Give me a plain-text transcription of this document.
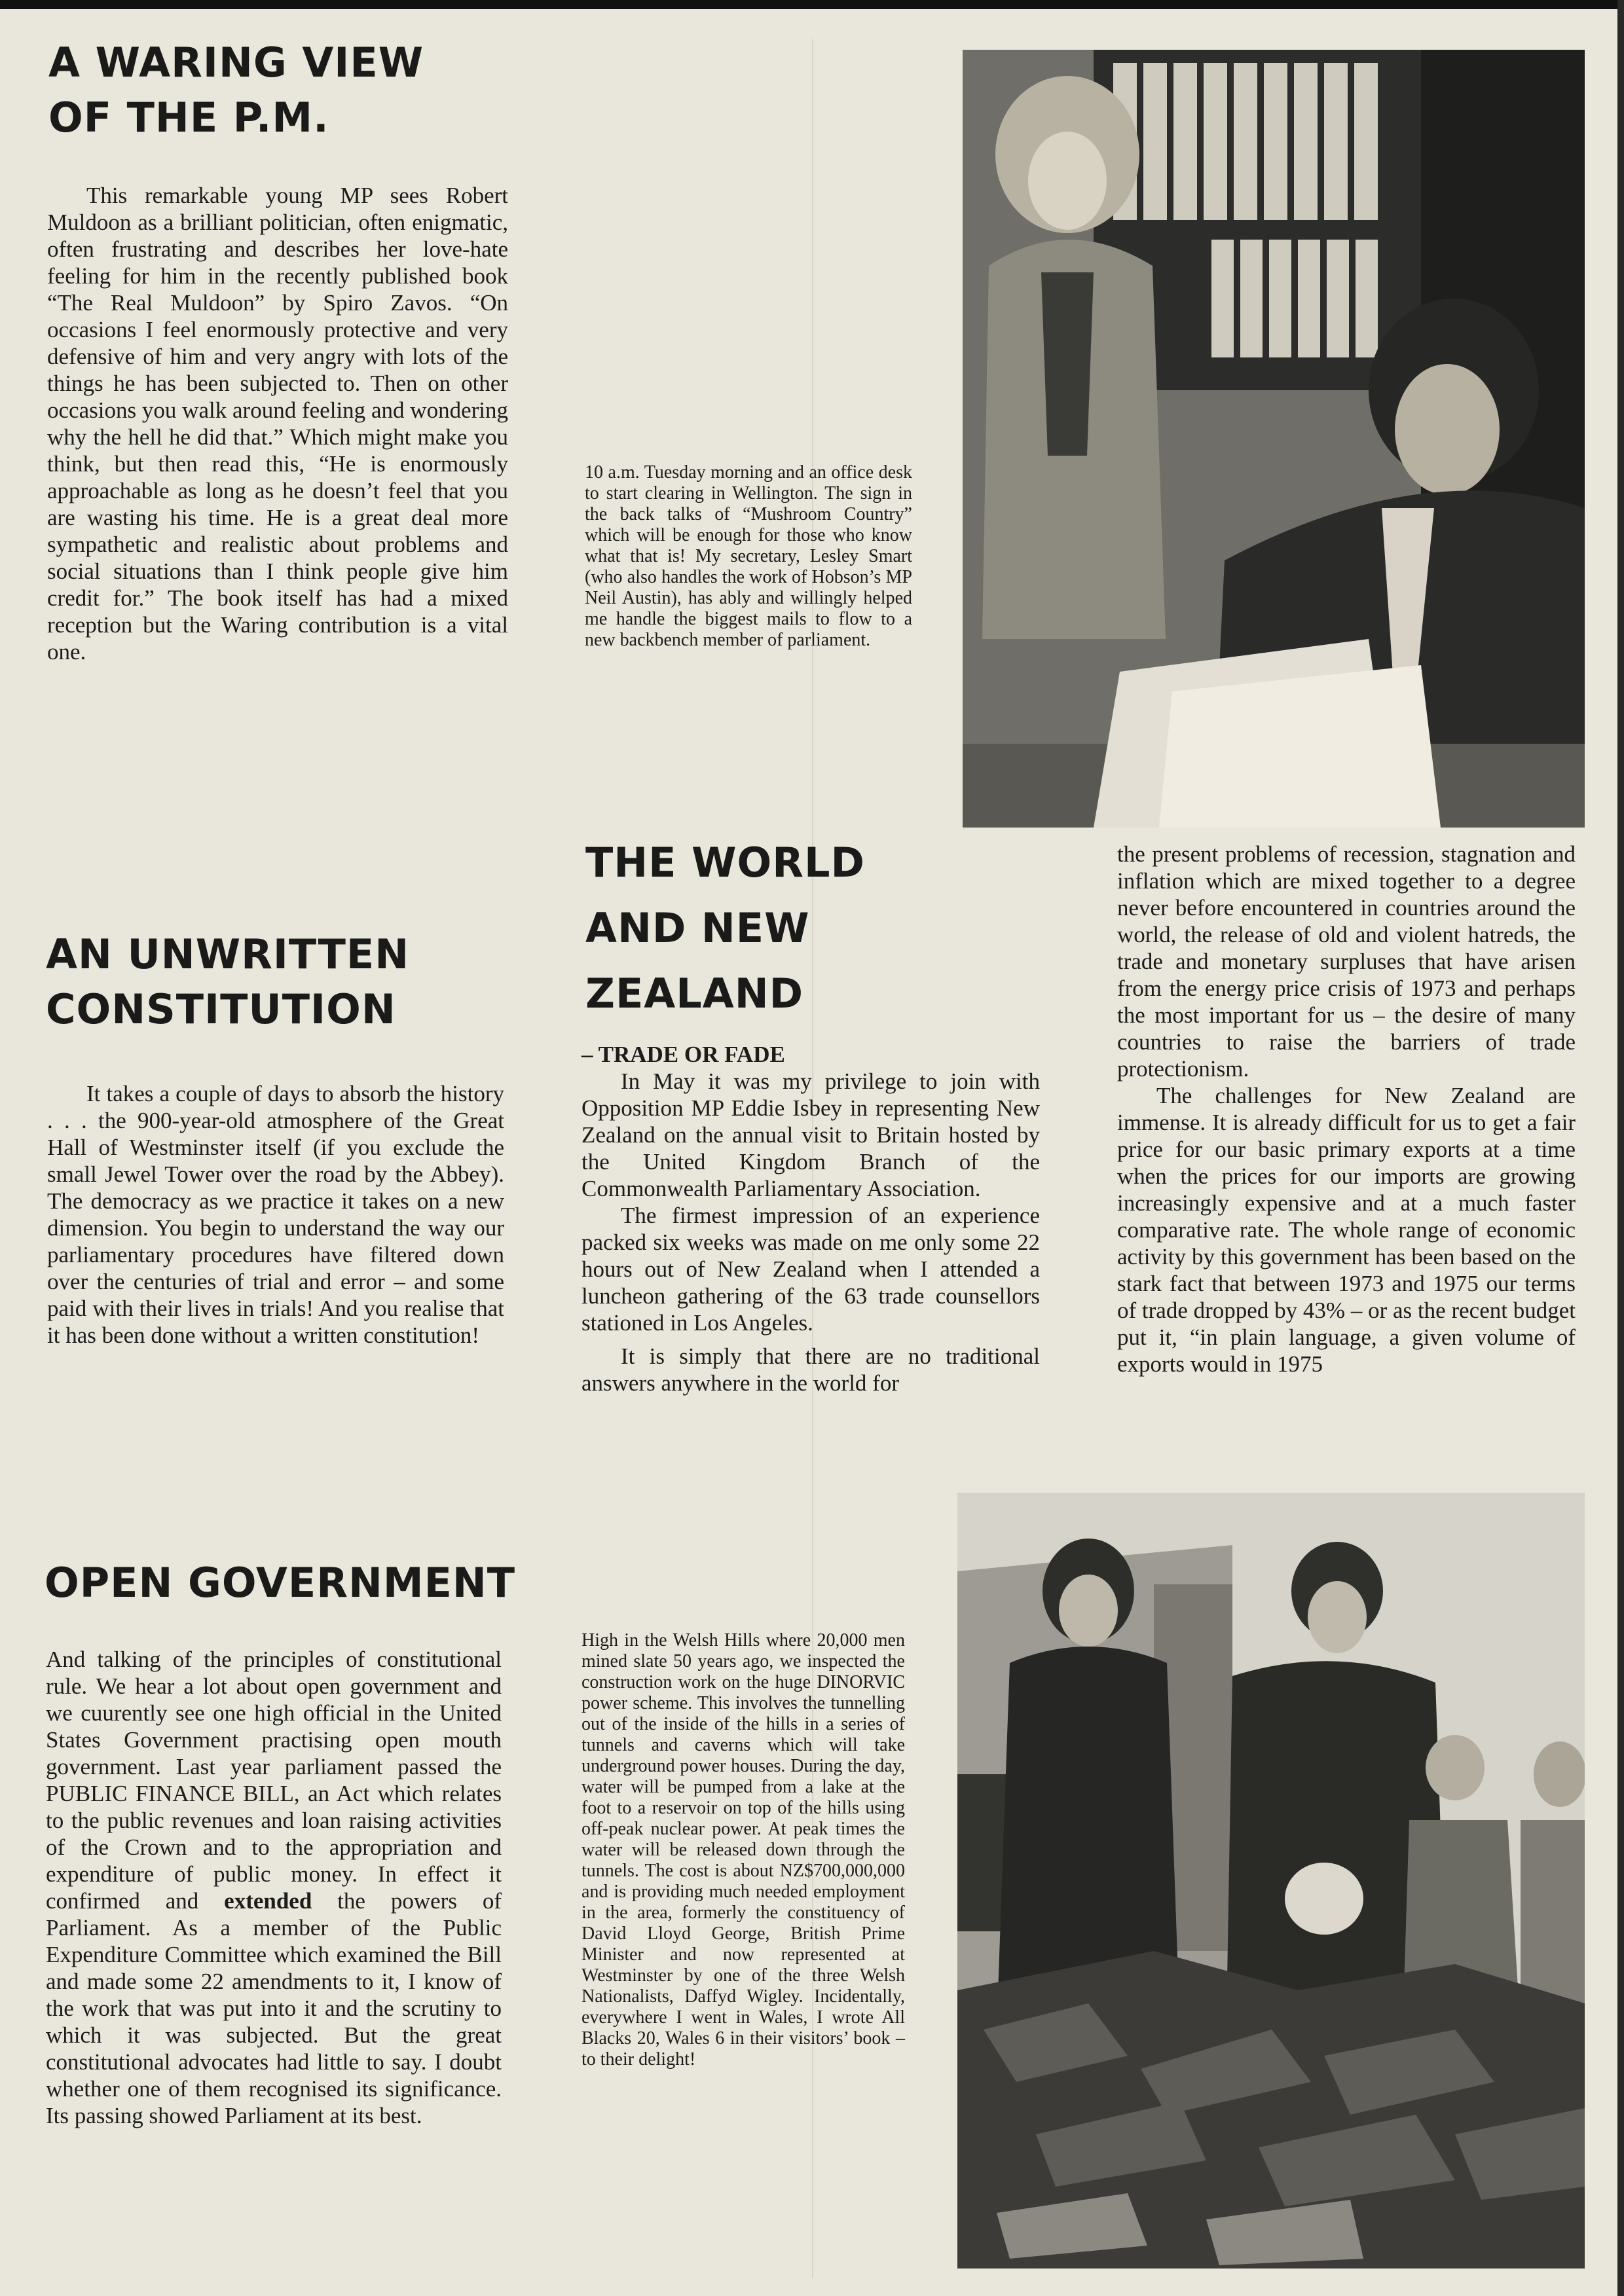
A WARING VIEW
OF THE P.M.

This remarkable young MP sees Robert Muldoon as a brilliant politician, often enigmatic, often frustrating and describes her love-hate feeling for him in the recently published book “The Real Muldoon” by Spiro Zavos. “On occasions I feel enormously protective and very defensive of him and very angry with lots of the things he has been subjected to. Then on other occasions you walk around feeling and wondering why the hell he did that.” Which might make you think, but then read this, “He is enormously approachable as long as he doesn’t feel that you are wasting his time. He is a great deal more sympathetic and realistic about problems and social situations than I think people give him credit for.” The book itself has had a mixed reception but the Waring contribution is a vital one.

10 a.m. Tuesday morning and an office desk to start clearing in Wellington. The sign in the back talks of “Mushroom Country” which will be enough for those who know what that is! My secretary, Lesley Smart (who also handles the work of Hobson’s MP Neil Austin), has ably and willingly helped me handle the biggest mails to flow to a new backbench member of parliament.

AN UNWRITTEN
CONSTITUTION

It takes a couple of days to absorb the history . . . the 900-year-old atmosphere of the Great Hall of Westminster itself (if you exclude the small Jewel Tower over the road by the Abbey). The democracy as we practice it takes on a new dimension. You begin to understand the way our parliamentary procedures have filtered down over the centuries of trial and error – and some paid with their lives in trials! And you realise that it has been done without a written constitution!

THE WORLD
AND NEW
ZEALAND

– TRADE OR FADE

In May it was my privilege to join with Opposition MP Eddie Isbey in representing New Zealand on the annual visit to Britain hosted by the United Kingdom Branch of the Commonwealth Parliamentary Association.

The firmest impression of an experience packed six weeks was made on me only some 22 hours out of New Zealand when I attended a luncheon gathering of the 63 trade counsellors stationed in Los Angeles.

It is simply that there are no traditional answers anywhere in the world for

the present problems of recession, stagnation and inflation which are mixed together to a degree never before encountered in countries around the world, the release of old and violent hatreds, the trade and monetary surpluses that have arisen from the energy price crisis of 1973 and perhaps the most important for us – the desire of many countries to raise the barriers of trade protectionism.

The challenges for New Zealand are immense. It is already difficult for us to get a fair price for our basic primary exports at a time when the prices for our imports are growing increasingly expensive and at a much faster comparative rate. The whole range of economic activity by this government has been based on the stark fact that between 1973 and 1975 our terms of trade dropped by 43% – or as the recent budget put it, “in plain language, a given volume of exports would in 1975

OPEN GOVERNMENT

And talking of the principles of constitutional rule. We hear a lot about open government and we cuurently see one high official in the United States Government practising open mouth government. Last year parliament passed the PUBLIC FINANCE BILL, an Act which relates to the public revenues and loan raising activities of the Crown and to the appropriation and expenditure of public money. In effect it confirmed and extended the powers of Parliament. As a member of the Public Expenditure Committee which examined the Bill and made some 22 amendments to it, I know of the work that was put into it and the scrutiny to which it was subjected. But the great constitutional advocates had little to say. I doubt whether one of them recognised its significance. Its passing showed Parliament at its best.

High in the Welsh Hills where 20,000 men mined slate 50 years ago, we inspected the construction work on the huge DINORVIC power scheme. This involves the tunnelling out of the inside of the hills in a series of tunnels and caverns which will take underground power houses. During the day, water will be pumped from a lake at the foot to a reservoir on top of the hills using off-peak nuclear power. At peak times the water will be released down through the tunnels. The cost is about NZ$700,000,000 and is providing much needed employment in the area, formerly the constituency of David Lloyd George, British Prime Minister and now represented at Westminster by one of the three Welsh Nationalists, Daffyd Wigley. Incidentally, everywhere I went in Wales, I wrote All Blacks 20, Wales 6 in their visitors’ book – to their delight!
